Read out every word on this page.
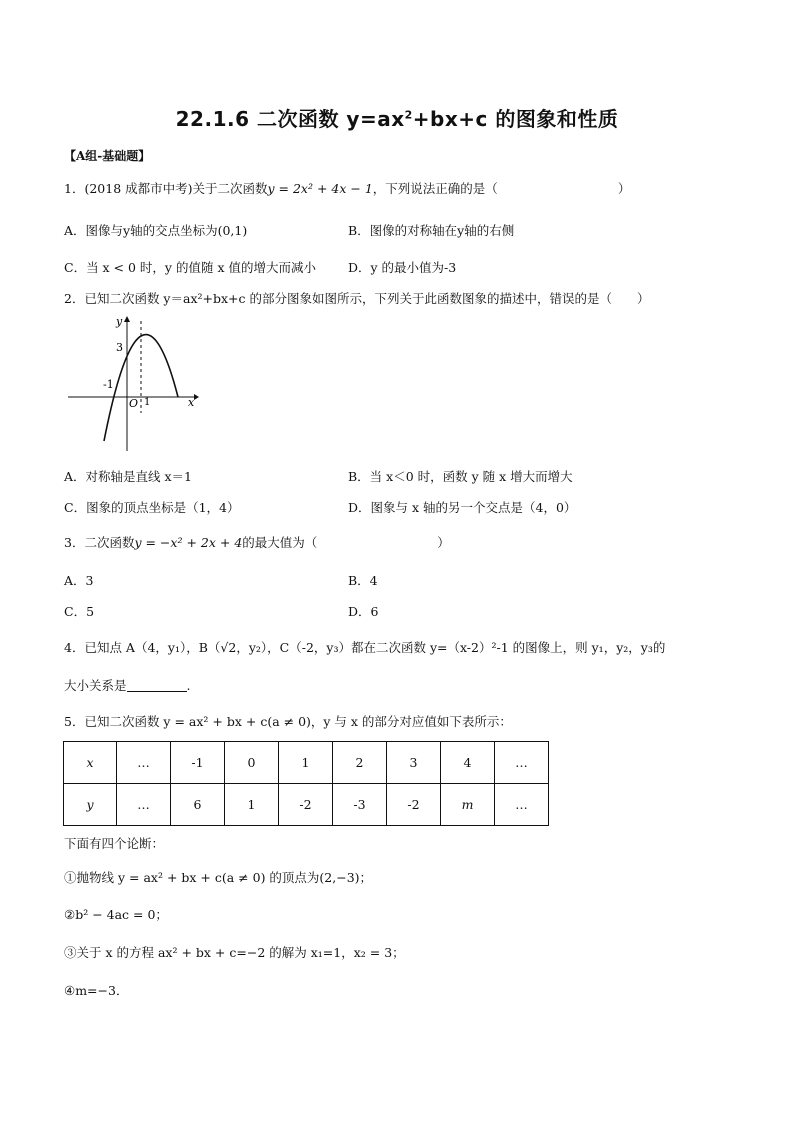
22.1.6 二次函数 $y=ax^2+bx+c$ 的图象和性质
【A组-基础题】
1．(2018 成都市中考)关于二次函数y = 2x² + 4x − 1，下列说法正确的是（	）
A．图像与y轴的交点坐标为(0,1)	B．图像的对称轴在y轴的右侧
C．当 x < 0 时，y 的值随 x 值的增大而减小	D．y 的最小值为-3
2．已知二次函数 y＝ax²+bx+c 的部分图象如图所示，下列关于此函数图象的描述中，错误的是（　　）
y
x
3
-1
O 1
A．对称轴是直线 x＝1	B．当 x＜0 时，函数 y 随 x 增大而增大
C．图象的顶点坐标是（1，4）	D．图象与 x 轴的另一个交点是（4，0）
3．二次函数y = −x² + 2x + 4的最大值为（	）
A．3	B．4
C．5	D．6
4．已知点 A（4，y₁），B（√2，y₂），C（-2，y₃）都在二次函数 y=（x-2）²-1 的图像上，则 y₁，y₂，y₃的
大小关系是	.
5．已知二次函数 y = ax² + bx + c(a ≠ 0)，y 与 x 的部分对应值如下表所示：
x	…	-1	0	1	2	3	4	…
y	…	6	1	-2	-3	-2	m	…
下面有四个论断：
①抛物线 y = ax² + bx + c(a ≠ 0) 的顶点为(2,−3)；
②b² − 4ac = 0；
③关于 x 的方程 ax² + bx + c=−2 的解为 x₁=1，x₂ = 3；
④m=−3．
